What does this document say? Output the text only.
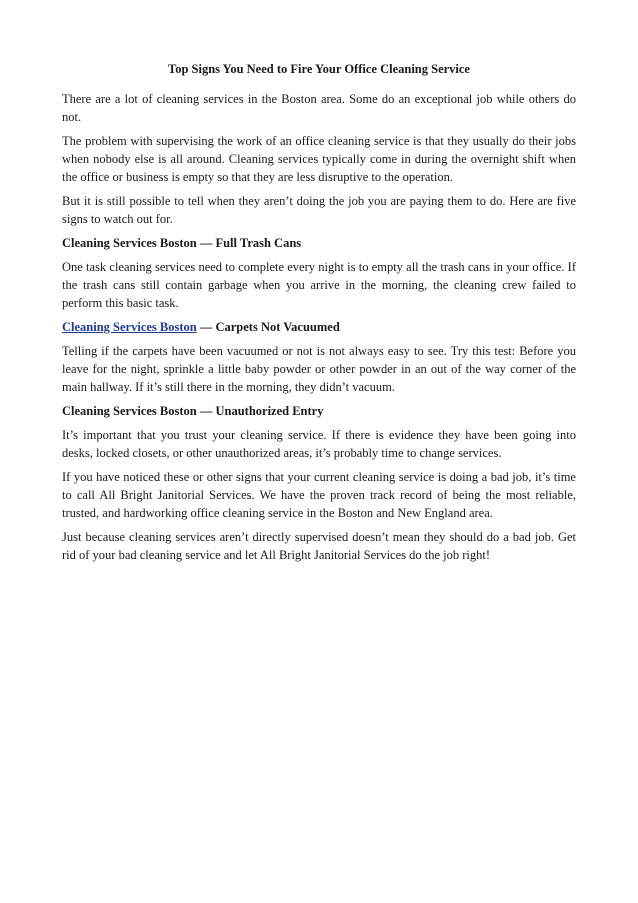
Top Signs You Need to Fire Your Office Cleaning Service

There are a lot of cleaning services in the Boston area. Some do an exceptional job while others do not.

The problem with supervising the work of an office cleaning service is that they usually do their jobs when nobody else is all around. Cleaning services typically come in during the overnight shift when the office or business is empty so that they are less disruptive to the operation.

But it is still possible to tell when they aren’t doing the job you are paying them to do. Here are five signs to watch out for.

Cleaning Services Boston — Full Trash Cans

One task cleaning services need to complete every night is to empty all the trash cans in your office. If the trash cans still contain garbage when you arrive in the morning, the cleaning crew failed to perform this basic task.

Cleaning Services Boston — Carpets Not Vacuumed

Telling if the carpets have been vacuumed or not is not always easy to see. Try this test: Before you leave for the night, sprinkle a little baby powder or other powder in an out of the way corner of the main hallway. If it’s still there in the morning, they didn’t vacuum.

Cleaning Services Boston — Unauthorized Entry

It’s important that you trust your cleaning service. If there is evidence they have been going into desks, locked closets, or other unauthorized areas, it’s probably time to change services.

If you have noticed these or other signs that your current cleaning service is doing a bad job, it’s time to call All Bright Janitorial Services. We have the proven track record of being the most reliable, trusted, and hardworking office cleaning service in the Boston and New England area.

Just because cleaning services aren’t directly supervised doesn’t mean they should do a bad job. Get rid of your bad cleaning service and let All Bright Janitorial Services do the job right!
